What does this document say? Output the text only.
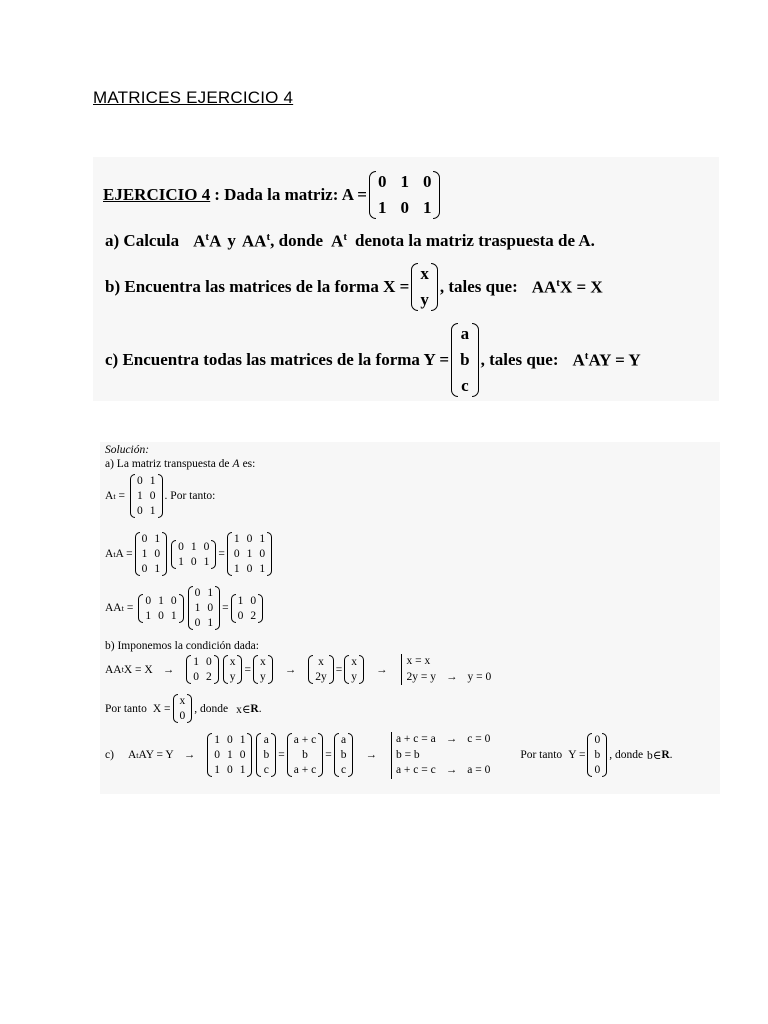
MATRICES EJERCICIO 4
EJERCICIO 4 : Dada la matriz: A =
0 1 0
1 0 1
a) Calcula $A^tA$ y $AA^t$ , donde $A^t$ denota la matriz traspuesta de A.
b) Encuentra las matrices de la forma X =
x
y
, tales que: $AA^tX = X$
c) Encuentra todas las matrices de la forma Y =
a
b
c
, tales que: $A^tAY = Y$
Solución:
a) La matriz transpuesta de A es:
A t =
0 1
1 0
0 1
. Por tanto:
A t A =
0 1
1 0
0 1
0 1 0
1 0 1
=
1 0 1
0 1 0
1 0 1
AA t =
0 1 0
1 0 1
0 1
1 0
0 1
=
1 0
0 2
b) Imponemos la condición dada:
AA t X = X →
1 0
0 2
x
y
=
x
y
→
x
2y
=
x
y
→
x = x
2y = y → y = 0
Por tanto X =
x
0
, donde x∈ R .
c) A t AY = Y →
1 0 1
0 1 0
1 0 1
a
b
c
=
a + c
b
a + c
=
a
b
c
→
a + c = a → c = 0
b = b
a + c = c → a = 0
Por tanto Y =
0
b
0
, donde b∈ R .
